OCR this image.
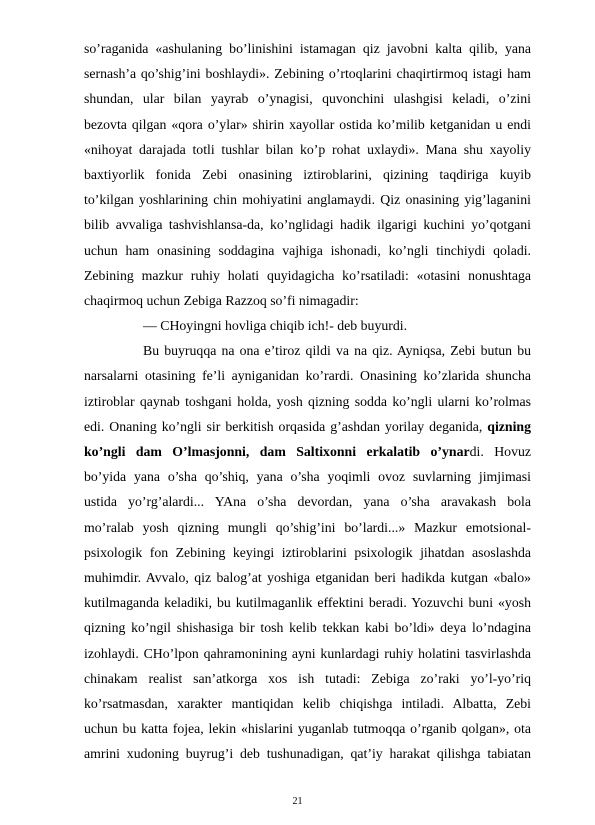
so’raganida «ashulaning bo’linishini istamagan qiz javobni kalta qilib, yana
sernash’a qo’shig’ini boshlaydi». Zebining o’rtoqlarini chaqirtirmoq istagi ham
shundan, ular bilan yayrab o’ynagisi, quvonchini ulashgisi keladi, o’zini
bezovta qilgan «qora o’ylar» shirin xayollar ostida ko’milib ketganidan u endi
«nihoyat darajada totli tushlar bilan ko’p rohat uxlaydi». Mana shu xayoliy
baxtiyorlik fonida Zebi onasining iztiroblarini, qizining taqdiriga kuyib
to’kilgan yoshlarining chin mohiyatini anglamaydi. Qiz onasining yig’laganini
bilib avvaliga tashvishlansa-da, ko’nglidagi hadik ilgarigi kuchini yo’qotgani
uchun ham onasining soddagina vajhiga ishonadi, ko’ngli tinchiydi qoladi.
Zebining mazkur ruhiy holati quyidagicha ko’rsatiladi: «otasini nonushtaga
chaqirmoq uchun Zebiga Razzoq so’fi nimagadir:
— CHoyingni hovliga chiqib ich!- deb buyurdi.
Bu buyruqqa na ona e’tiroz qildi va na qiz. Ayniqsa, Zebi butun bu
narsalarni otasining fe’li ayniganidan ko’rardi. Onasining ko’zlarida shuncha
iztiroblar qaynab toshgani holda, yosh qizning sodda ko’ngli ularni ko’rolmas
edi. Onaning ko’ngli sir berkitish orqasida g’ashdan yorilay deganida, qizning
ko’ngli dam O’lmasjonni, dam Saltixonni erkalatib o’ynardi. Hovuz
bo’yida yana o’sha qo’shiq, yana o’sha yoqimli ovoz suvlarning jimjimasi
ustida yo’rg’alardi... YAna o’sha devordan, yana o’sha aravakash bola
mo’ralab yosh qizning mungli qo’shig’ini bo’lardi...» Mazkur emotsional-
psixologik fon Zebining keyingi iztiroblarini psixologik jihatdan asoslashda
muhimdir. Avvalo, qiz balog’at yoshiga etganidan beri hadikda kutgan «balo»
kutilmaganda keladiki, bu kutilmaganlik effektini beradi. Yozuvchi buni «yosh
qizning ko’ngil shishasiga bir tosh kelib tekkan kabi bo’ldi» deya lo’ndagina
izohlaydi. CHo’lpon qahramonining ayni kunlardagi ruhiy holatini tasvirlashda
chinakam realist san’atkorga xos ish tutadi: Zebiga zo’raki yo’l-yo’riq
ko’rsatmasdan, xarakter mantiqidan kelib chiqishga intiladi. Albatta, Zebi
uchun bu katta fojea, lekin «hislarini yuganlab tutmoqqa o’rganib qolgan», ota
amrini xudoning buyrug’i deb tushunadigan, qat’iy harakat qilishga tabiatan
21
